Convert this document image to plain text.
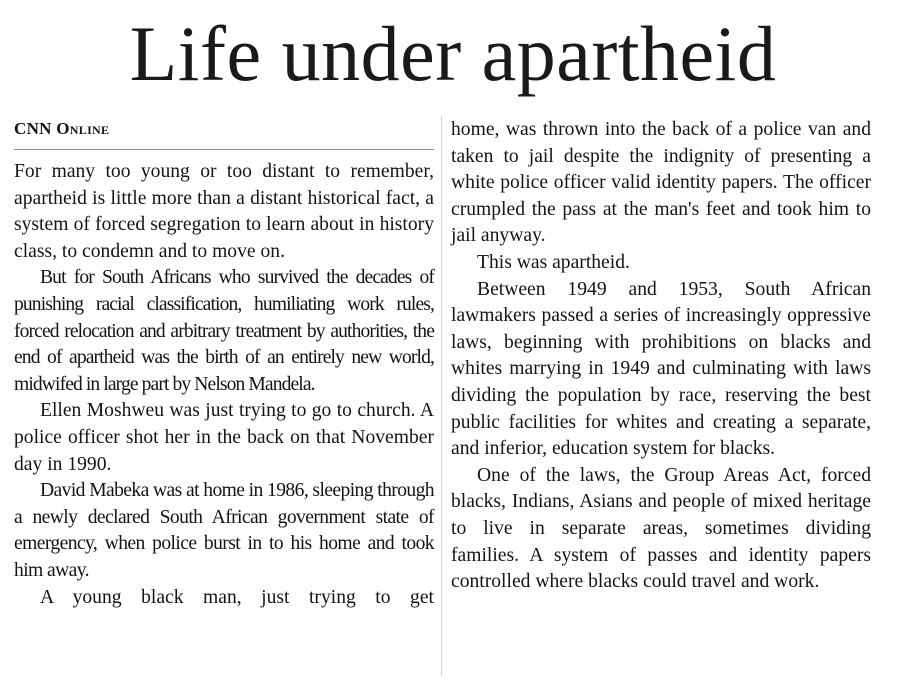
Life under apartheid
CNN Online

For many too young or too distant to remember, apartheid is little more than a distant historical fact, a system of forced segregation to learn about in history class, to condemn and to move on.

But for South Africans who survived the decades of punishing racial classification, humiliating work rules, forced relocation and arbitrary treatment by authorities, the end of apartheid was the birth of an entirely new world, midwifed in large part by Nelson Mandela.

Ellen Moshweu was just trying to go to church. A police officer shot her in the back on that November day in 1990.

David Mabeka was at home in 1986, sleeping through a newly declared South African government state of emergency, when police burst in to his home and took him away.

A young black man, just trying to get

home, was thrown into the back of a police van and taken to jail despite the indignity of presenting a white police officer valid identity papers. The officer crumpled the pass at the man's feet and took him to jail anyway.

This was apartheid.

Between 1949 and 1953, South African lawmakers passed a series of increasingly oppressive laws, beginning with prohibitions on blacks and whites marrying in 1949 and culminating with laws dividing the population by race, reserving the best public facilities for whites and creating a separate, and inferior, education system for blacks.

One of the laws, the Group Areas Act, forced blacks, Indians, Asians and people of mixed heritage to live in separate areas, sometimes dividing families. A system of passes and identity papers controlled where blacks could travel and work.
